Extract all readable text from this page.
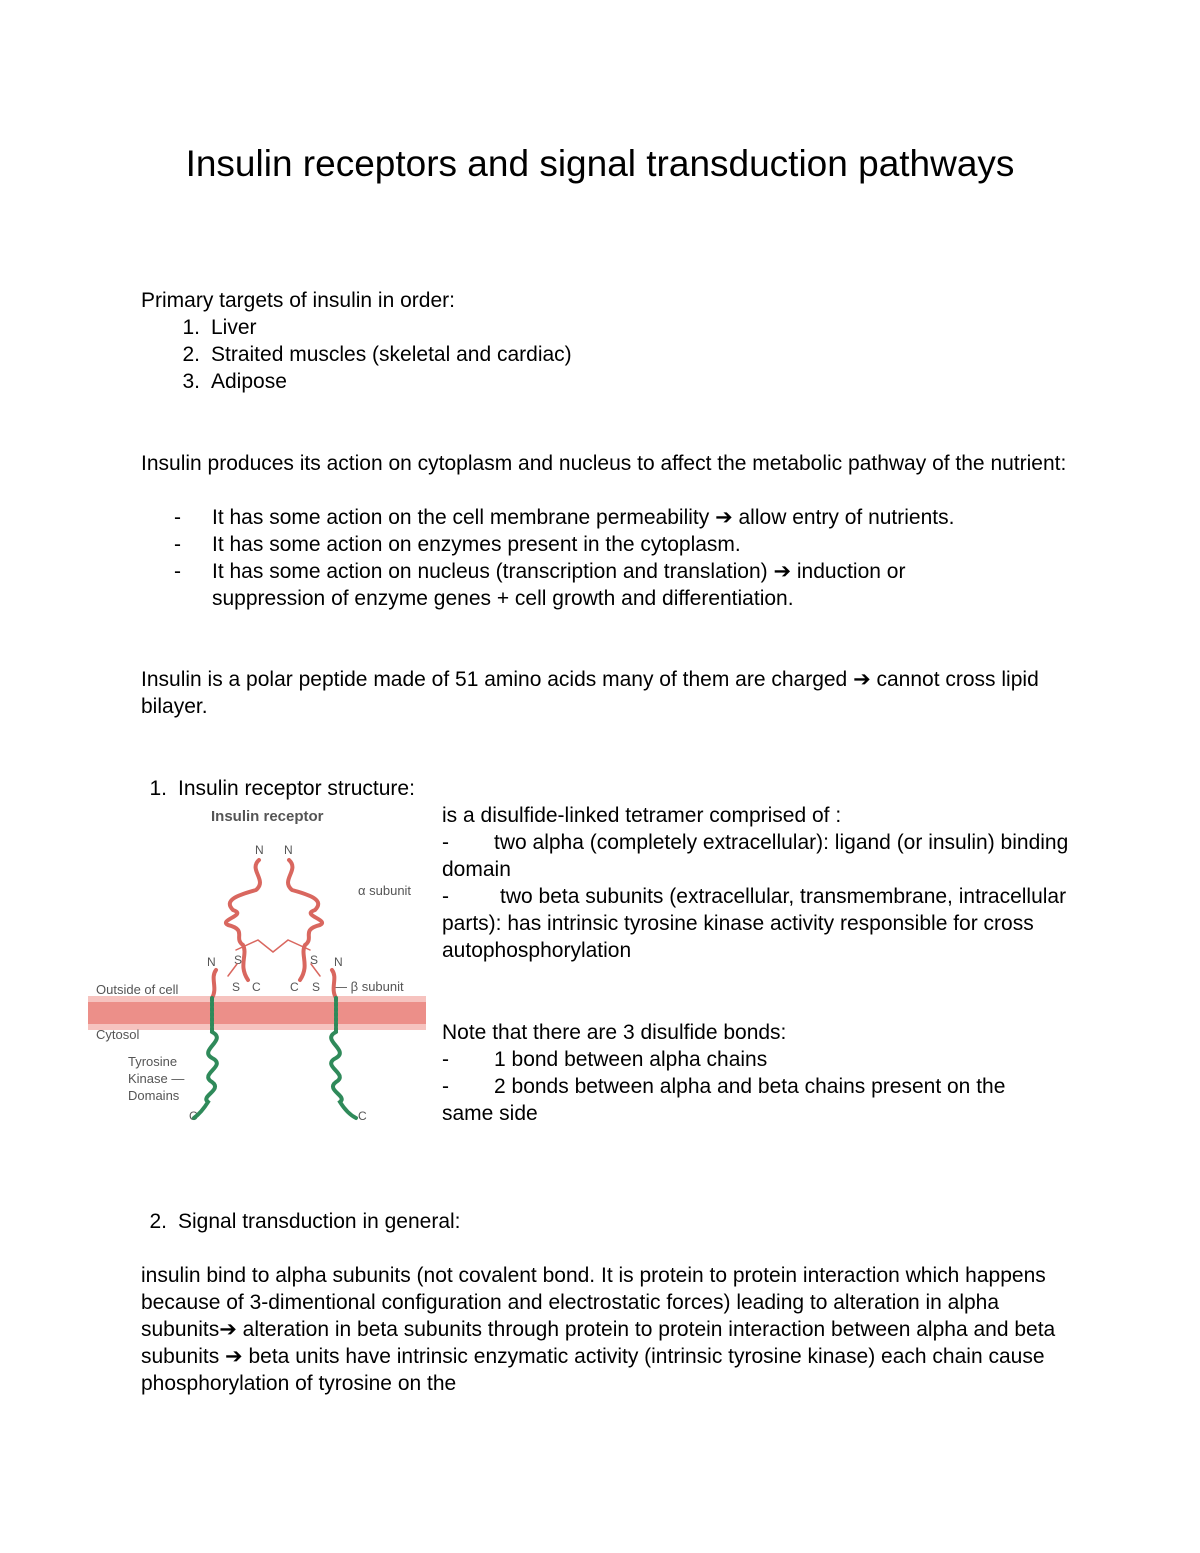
Insulin receptors and signal transduction pathways
Primary targets of insulin in order:
1. Liver
2. Straited muscles (skeletal and cardiac)
3. Adipose

Insulin produces its action on cytoplasm and nucleus to affect the metabolic pathway of the nutrient:

- It has some action on the cell membrane permeability ➔ allow entry of nutrients.
- It has some action on enzymes present in the cytoplasm.
- It has some action on nucleus (transcription and translation) ➔ induction or suppression of enzyme genes + cell growth and differentiation.

Insulin is a polar peptide made of 51 amino acids many of them are charged ➔ cannot cross lipid bilayer.

1. Insulin receptor structure:

is a disulfide-linked tetramer comprised of :

- two alpha (completely extracellular): ligand (or insulin) binding domain

- two beta subunits (extracellular, transmembrane, intracellular parts): has intrinsic tyrosine kinase activity responsible for cross autophosphorylation

Note that there are 3 disulfide bonds:

- 1 bond between alpha chains

- 2 bonds between alpha and beta chains present on the same side

Insulin receptor
Outside of cell
Cytosol
Tyrosine
Kinase —
Domains
α subunit
— β subunit
N N
N	N
S	S
S	S
C C
C	C
2. Signal transduction in general:

insulin bind to alpha subunits (not covalent bond. It is protein to protein interaction which happens because of 3-dimentional configuration and electrostatic forces) leading to alteration in alpha subunits➔ alteration in beta subunits through protein to protein interaction between alpha and beta subunits ➔ beta units have intrinsic enzymatic activity (intrinsic tyrosine kinase) each chain cause phosphorylation of tyrosine on the
